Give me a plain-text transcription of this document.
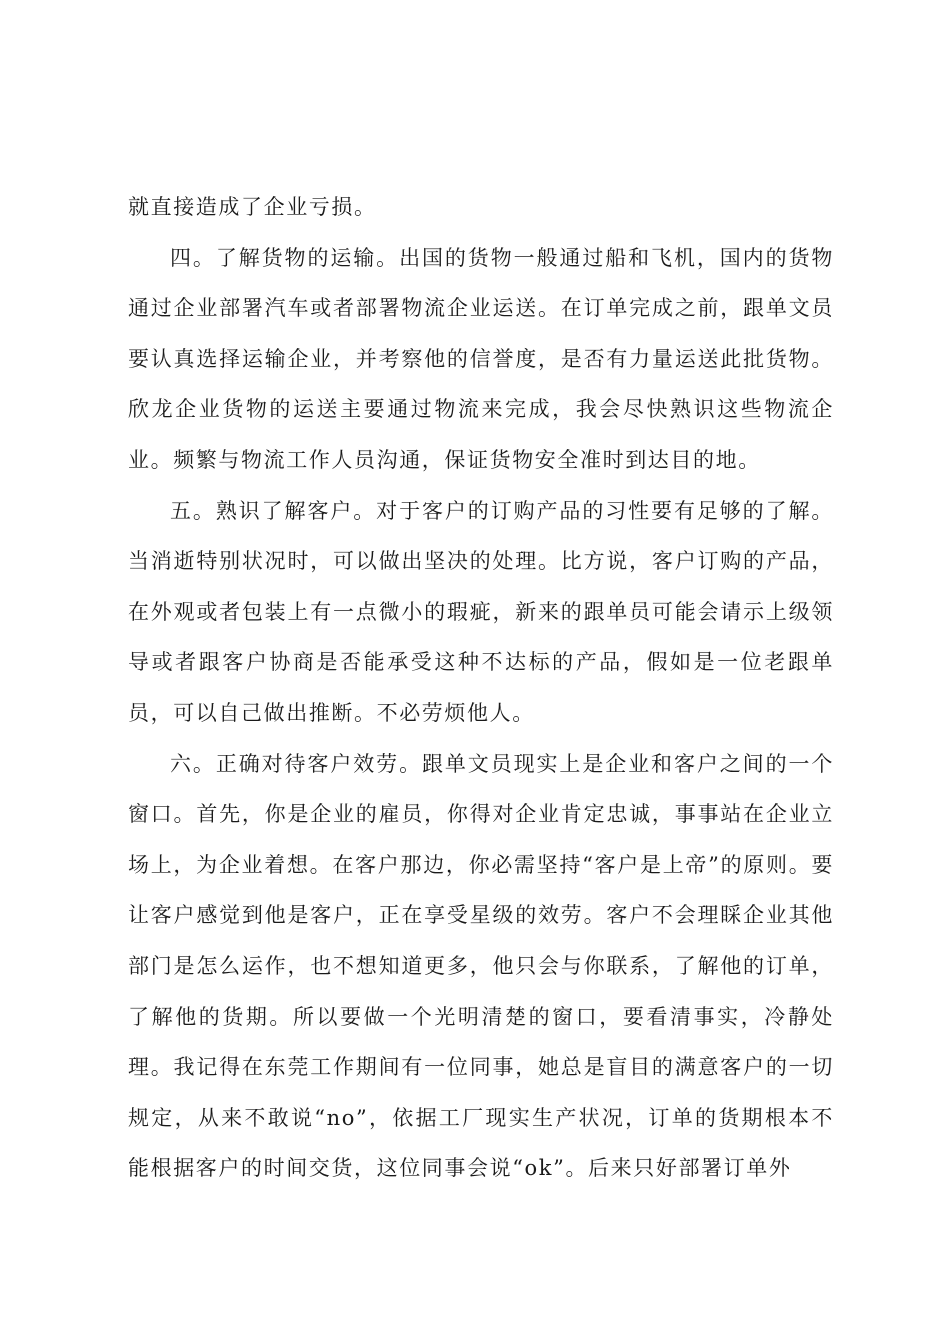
就直接造成了企业亏损。

四。了解货物的运输。出国的货物一般通过船和飞机，国内的货物通过企业部署汽车或者部署物流企业运送。在订单完成之前，跟单文员要认真选择运输企业，并考察他的信誉度，是否有力量运送此批货物。欣龙企业货物的运送主要通过物流来完成，我会尽快熟识这些物流企业。频繁与物流工作人员沟通，保证货物安全准时到达目的地。

五。熟识了解客户。对于客户的订购产品的习性要有足够的了解。当消逝特别状况时，可以做出坚决的处理。比方说，客户订购的产品，在外观或者包装上有一点微小的瑕疵，新来的跟单员可能会请示上级领导或者跟客户协商是否能承受这种不达标的产品，假如是一位老跟单员，可以自己做出推断。不必劳烦他人。

六。正确对待客户效劳。跟单文员现实上是企业和客户之间的一个窗口。首先，你是企业的雇员，你得对企业肯定忠诚，事事站在企业立场上，为企业着想。在客户那边，你必需坚持“客户是上帝”的原则。要让客户感觉到他是客户，正在享受星级的效劳。客户不会理睬企业其他部门是怎么运作，也不想知道更多，他只会与你联系，了解他的订单，了解他的货期。所以要做一个光明清楚的窗口，要看清事实，冷静处理。我记得在东莞工作期间有一位同事，她总是盲目的满意客户的一切规定，从来不敢说“no”，依据工厂现实生产状况，订单的货期根本不能根据客户的时间交货，这位同事会说“ok”。后来只好部署订单外
